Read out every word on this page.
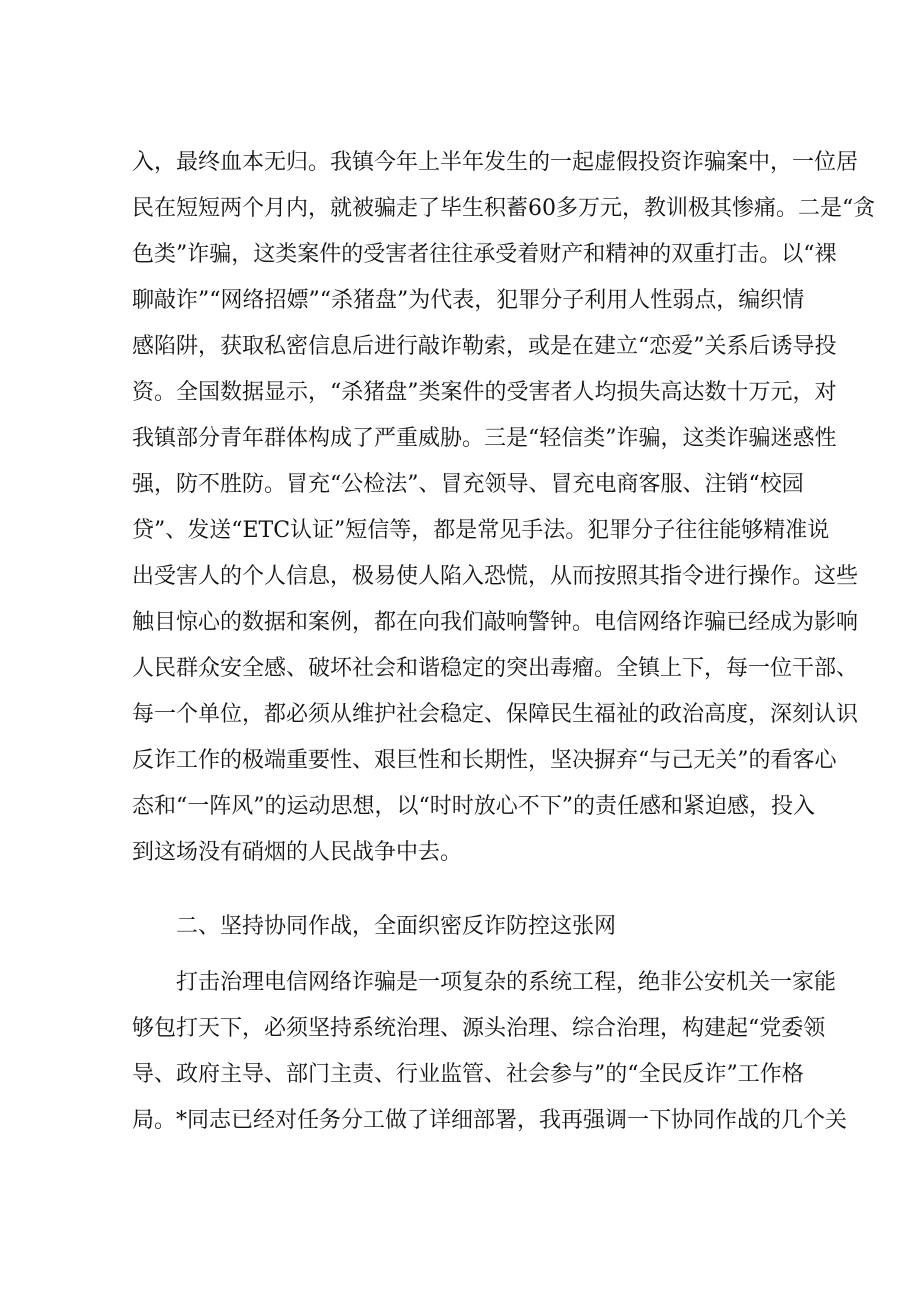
入，最终血本无归。我镇今年上半年发生的一起虚假投资诈骗案中，一位居
民在短短两个月内，就被骗走了毕生积蓄60多万元，教训极其惨痛。二是“贪
色类”诈骗，这类案件的受害者往往承受着财产和精神的双重打击。以“裸
聊敲诈”“网络招嫖”“杀猪盘”为代表，犯罪分子利用人性弱点，编织情
感陷阱，获取私密信息后进行敲诈勒索，或是在建立“恋爱”关系后诱导投
资。全国数据显示，“杀猪盘”类案件的受害者人均损失高达数十万元，对
我镇部分青年群体构成了严重威胁。三是“轻信类”诈骗，这类诈骗迷惑性
强，防不胜防。冒充“公检法”、冒充领导、冒充电商客服、注销“校园
贷”、发送“ETC认证”短信等，都是常见手法。犯罪分子往往能够精准说
出受害人的个人信息，极易使人陷入恐慌，从而按照其指令进行操作。这些
触目惊心的数据和案例，都在向我们敲响警钟。电信网络诈骗已经成为影响
人民群众安全感、破坏社会和谐稳定的突出毒瘤。全镇上下，每一位干部、
每一个单位，都必须从维护社会稳定、保障民生福祉的政治高度，深刻认识
反诈工作的极端重要性、艰巨性和长期性，坚决摒弃“与己无关”的看客心
态和“一阵风”的运动思想，以“时时放心不下”的责任感和紧迫感，投入
到这场没有硝烟的人民战争中去。
二、坚持协同作战，全面织密反诈防控这张网
打击治理电信网络诈骗是一项复杂的系统工程，绝非公安机关一家能
够包打天下，必须坚持系统治理、源头治理、综合治理，构建起“党委领
导、政府主导、部门主责、行业监管、社会参与”的“全民反诈”工作格
局。*同志已经对任务分工做了详细部署，我再强调一下协同作战的几个关
